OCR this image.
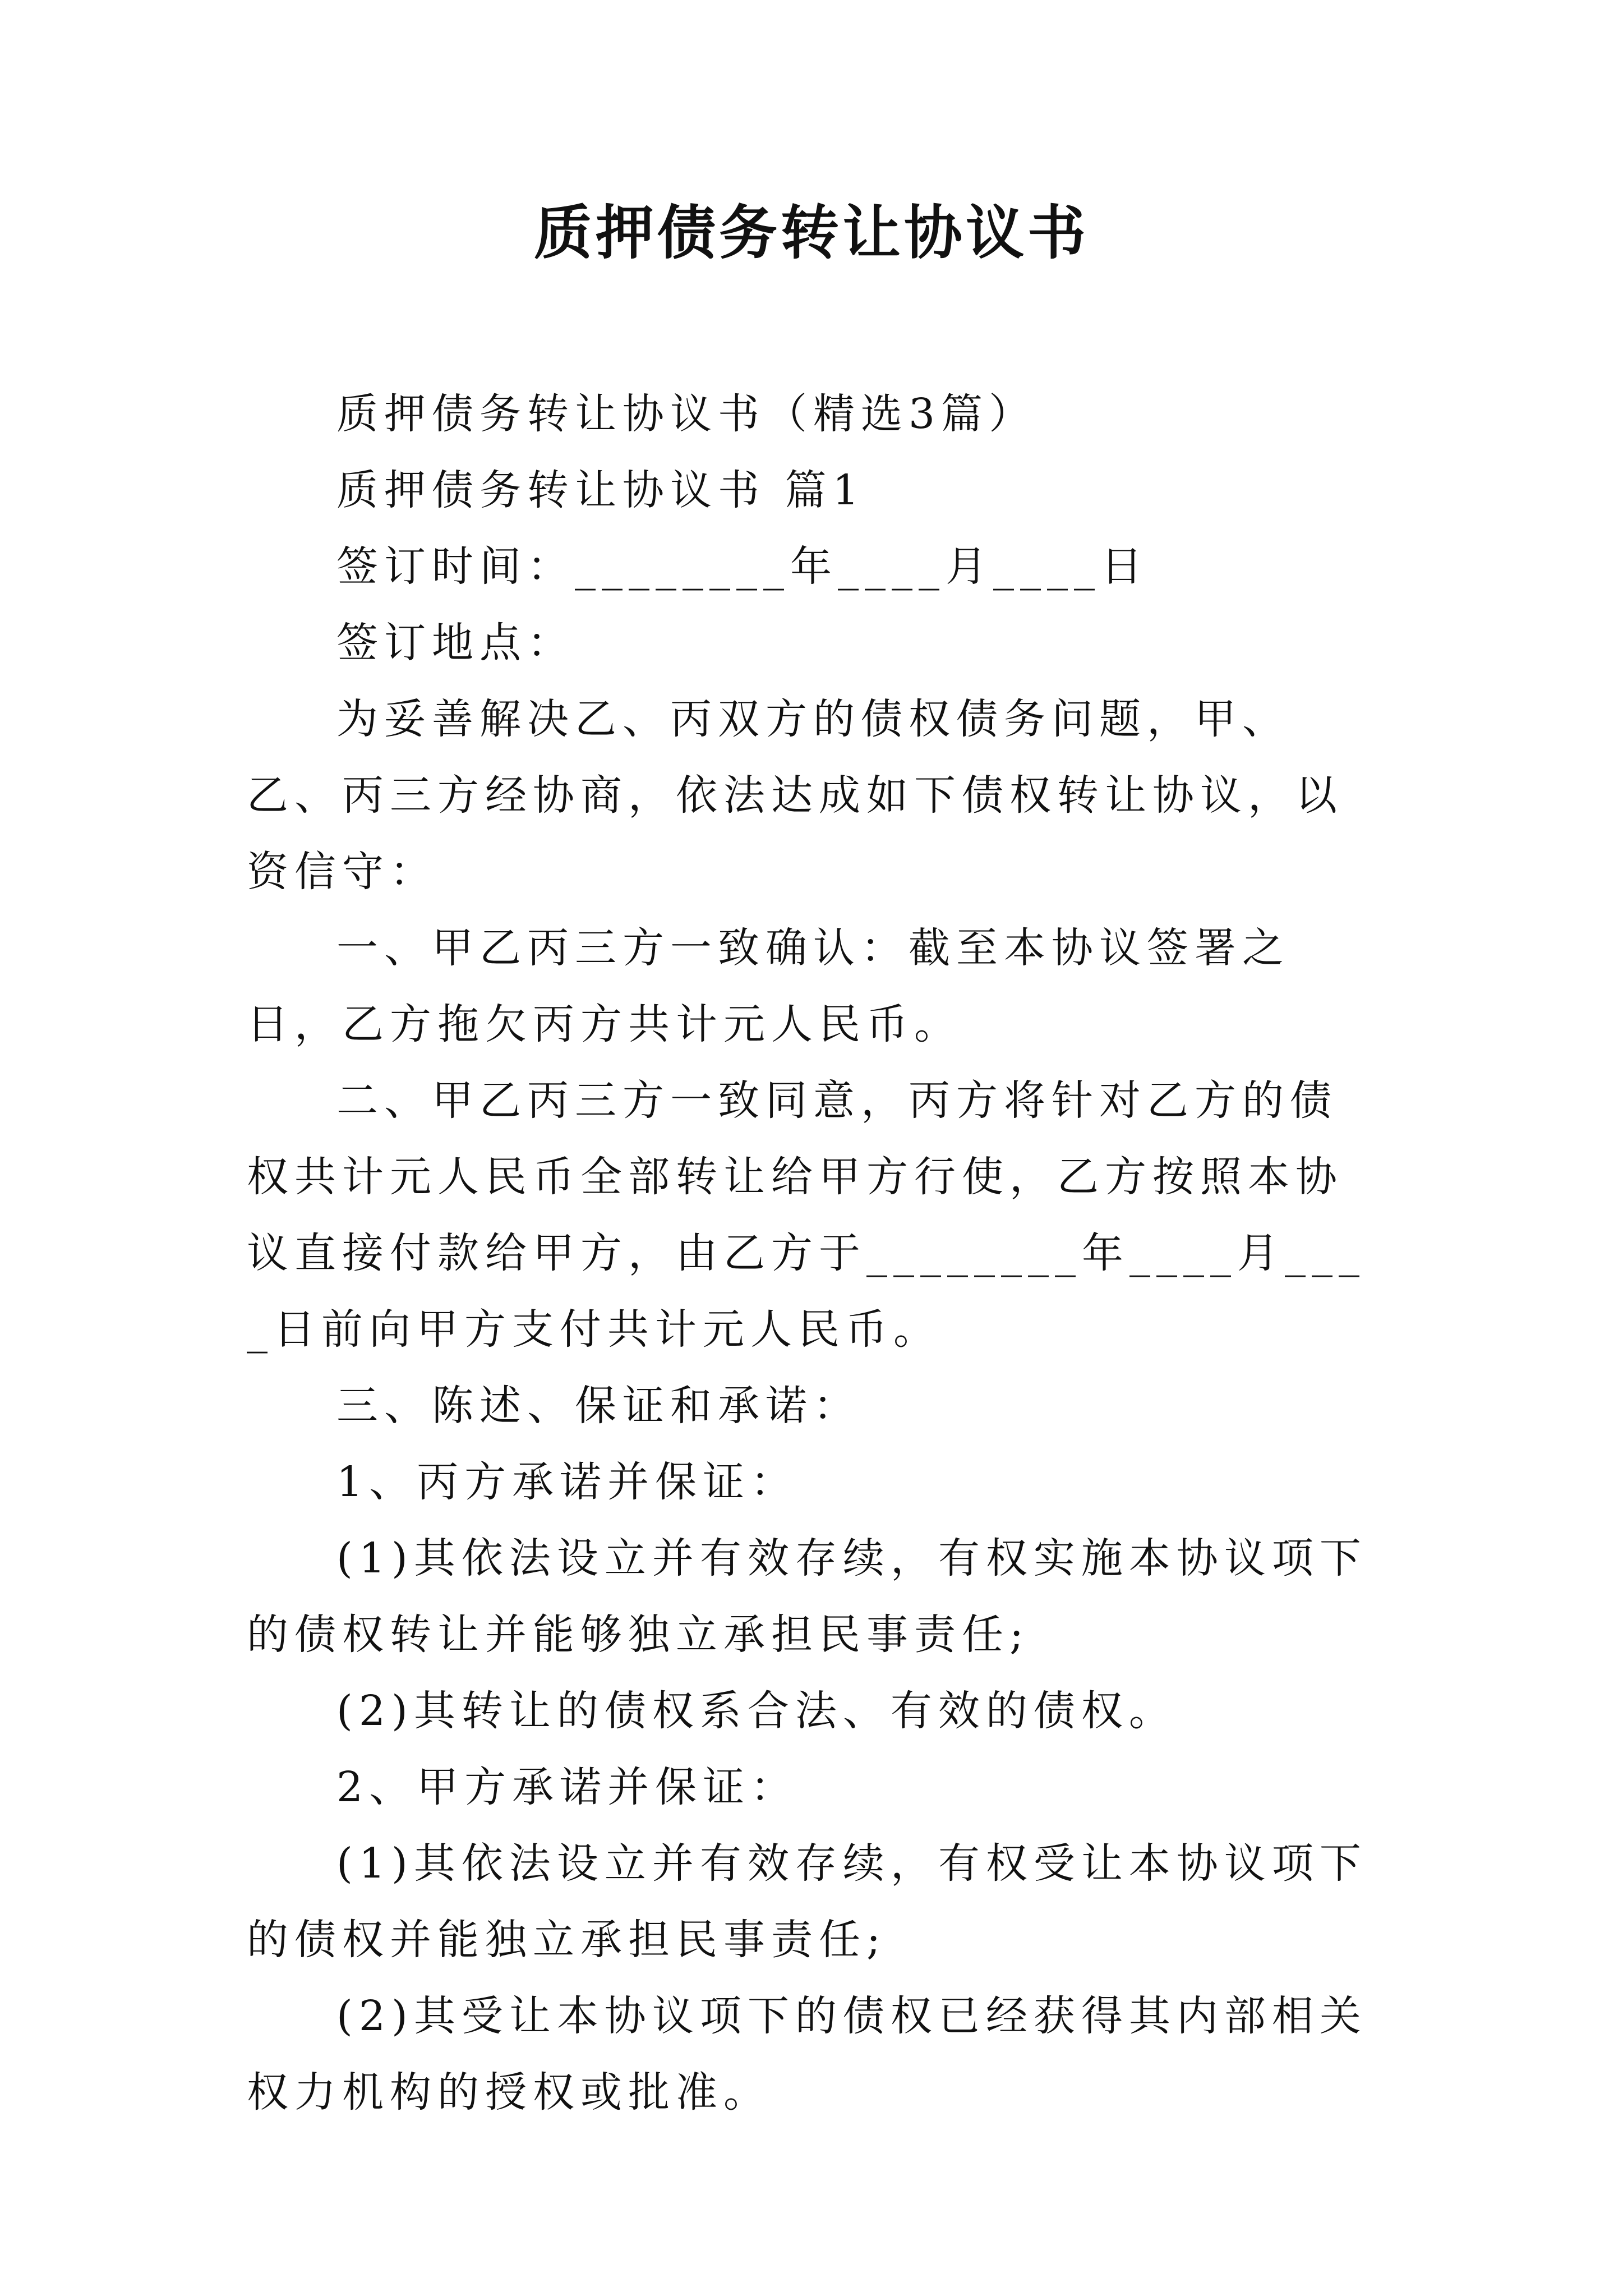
质押债务转让协议书

质押债务转让协议书（精选3篇）

质押债务转让协议书 篇1

签订时间：________年____月____日

签订地点：

为妥善解决乙、丙双方的债权债务问题，甲、乙、丙三方经协商，依法达成如下债权转让协议，以资信守：

一、甲乙丙三方一致确认：截至本协议签署之日，乙方拖欠丙方共计元人民币。

二、甲乙丙三方一致同意，丙方将针对乙方的债权共计元人民币全部转让给甲方行使，乙方按照本协议直接付款给甲方，由乙方于________年____月____日前向甲方支付共计元人民币。

三、陈述、保证和承诺：

1、丙方承诺并保证：

(1)其依法设立并有效存续，有权实施本协议项下的债权转让并能够独立承担民事责任;

(2)其转让的债权系合法、有效的债权。

2、甲方承诺并保证：

(1)其依法设立并有效存续，有权受让本协议项下的债权并能独立承担民事责任;

(2)其受让本协议项下的债权已经获得其内部相关权力机构的授权或批准。
